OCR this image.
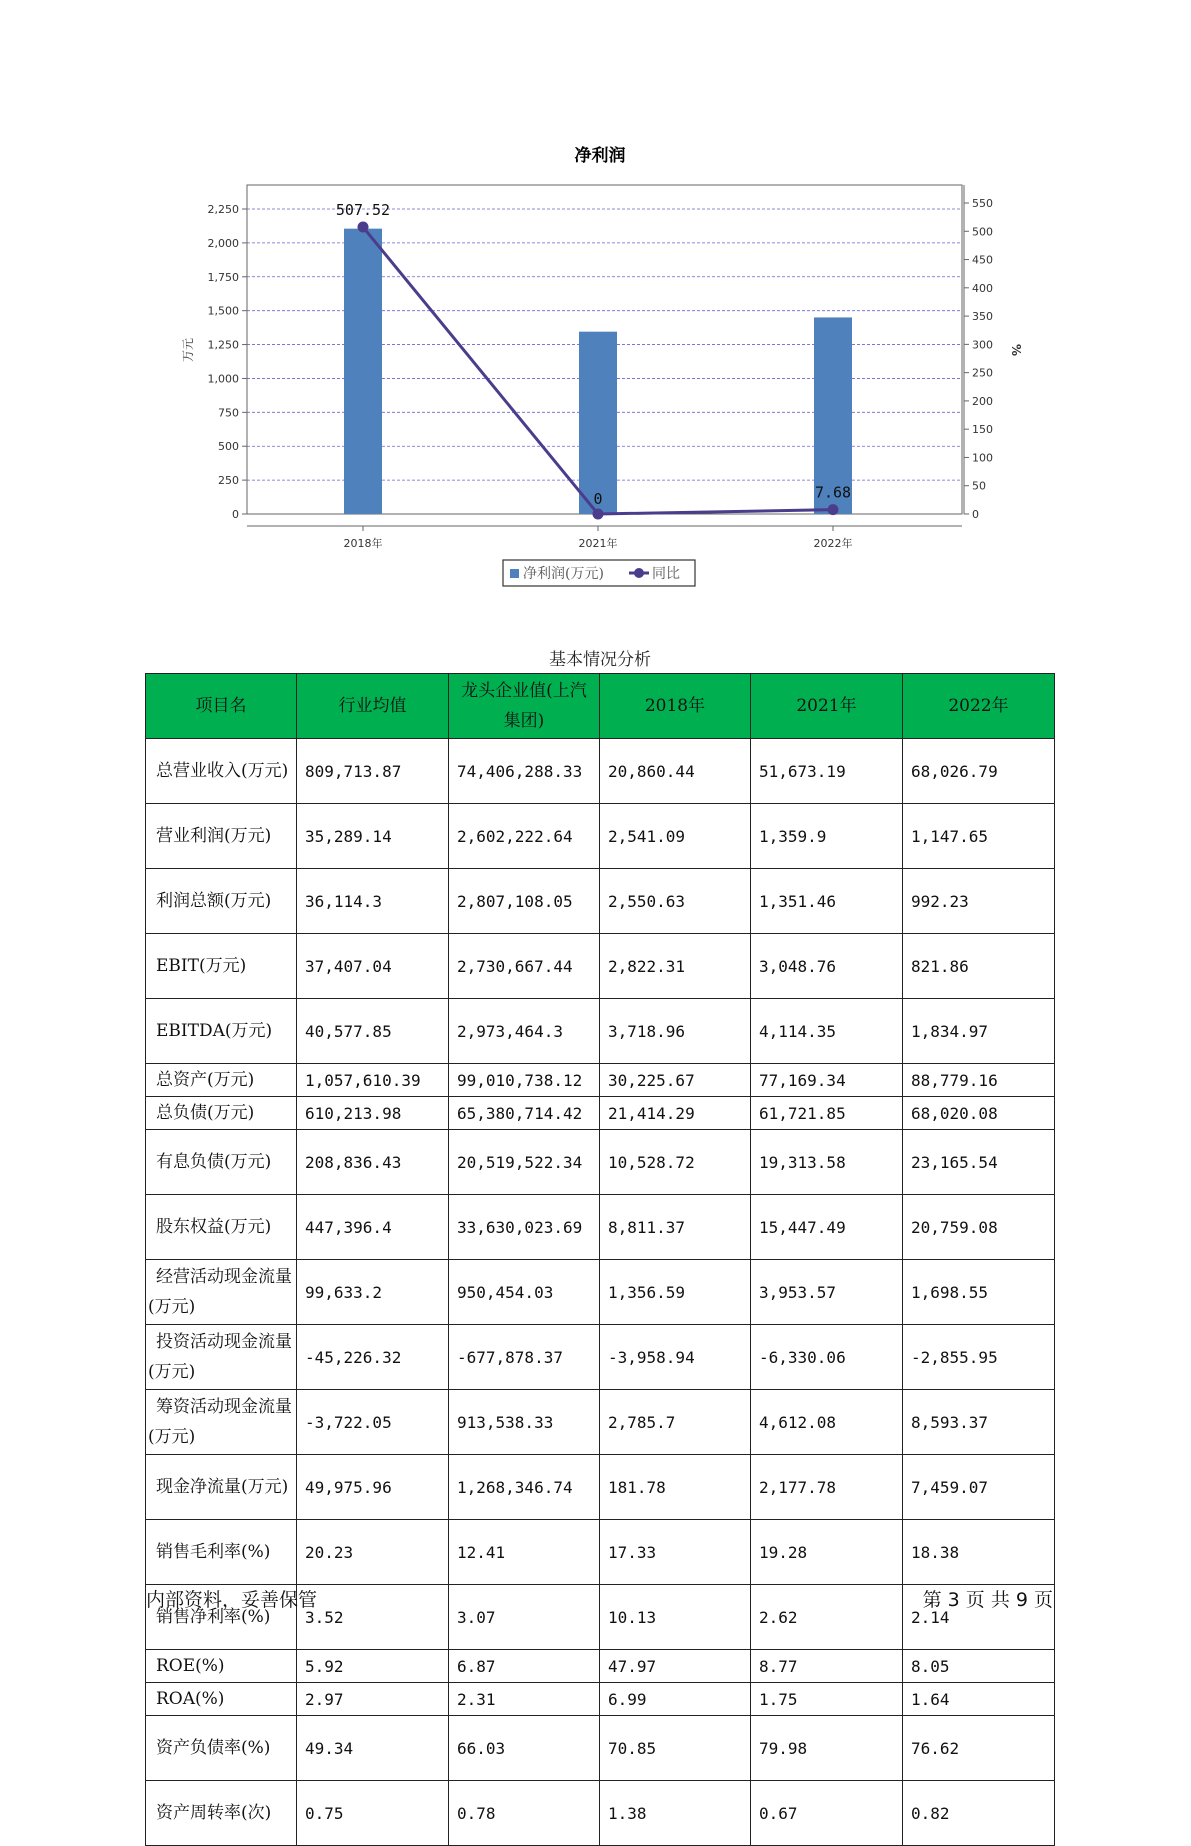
0
250
500
750
1,000
1,250
1,500
1,750
2,000
2,250
0
50
100
150
200
250
300
350
400
450
500
550
2018年	2021年	2022年
净利润
万元	%
507.52
0	7.68
净利润(万元)	同比
基本情况分析
项目名	行业均值	龙头企业值(上汽集团)	2018年	2021年	2022年
总营业收入(万元)	809,713.87	74,406,288.33	20,860.44	51,673.19	68,026.79
营业利润(万元)	35,289.14	2,602,222.64	2,541.09	1,359.9	1,147.65
利润总额(万元)	36,114.3	2,807,108.05	2,550.63	1,351.46	992.23
EBIT(万元)	37,407.04	2,730,667.44	2,822.31	3,048.76	821.86
EBITDA(万元)	40,577.85	2,973,464.3	3,718.96	4,114.35	1,834.97
总资产(万元)	1,057,610.39	99,010,738.12	30,225.67	77,169.34	88,779.16
总负债(万元)	610,213.98	65,380,714.42	21,414.29	61,721.85	68,020.08
有息负债(万元)	208,836.43	20,519,522.34	10,528.72	19,313.58	23,165.54
股东权益(万元)	447,396.4	33,630,023.69	8,811.37	15,447.49	20,759.08
经营活动现金流量(万元)	99,633.2	950,454.03	1,356.59	3,953.57	1,698.55
投资活动现金流量(万元)	-45,226.32	-677,878.37	-3,958.94	-6,330.06	-2,855.95
筹资活动现金流量(万元)	-3,722.05	913,538.33	2,785.7	4,612.08	8,593.37
现金净流量(万元)	49,975.96	1,268,346.74	181.78	2,177.78	7,459.07
销售毛利率(%)	20.23	12.41	17.33	19.28	18.38
销售净利率(%)	3.52	3.07	10.13	2.62	2.14
ROE(%)	5.92	6.87	47.97	8.77	8.05
ROA(%)	2.97	2.31	6.99	1.75	1.64
资产负债率(%)	49.34	66.03	70.85	79.98	76.62
资产周转率(次)	0.75	0.78	1.38	0.67	0.82
内部资料，妥善保管	第 3 页 共 9 页
